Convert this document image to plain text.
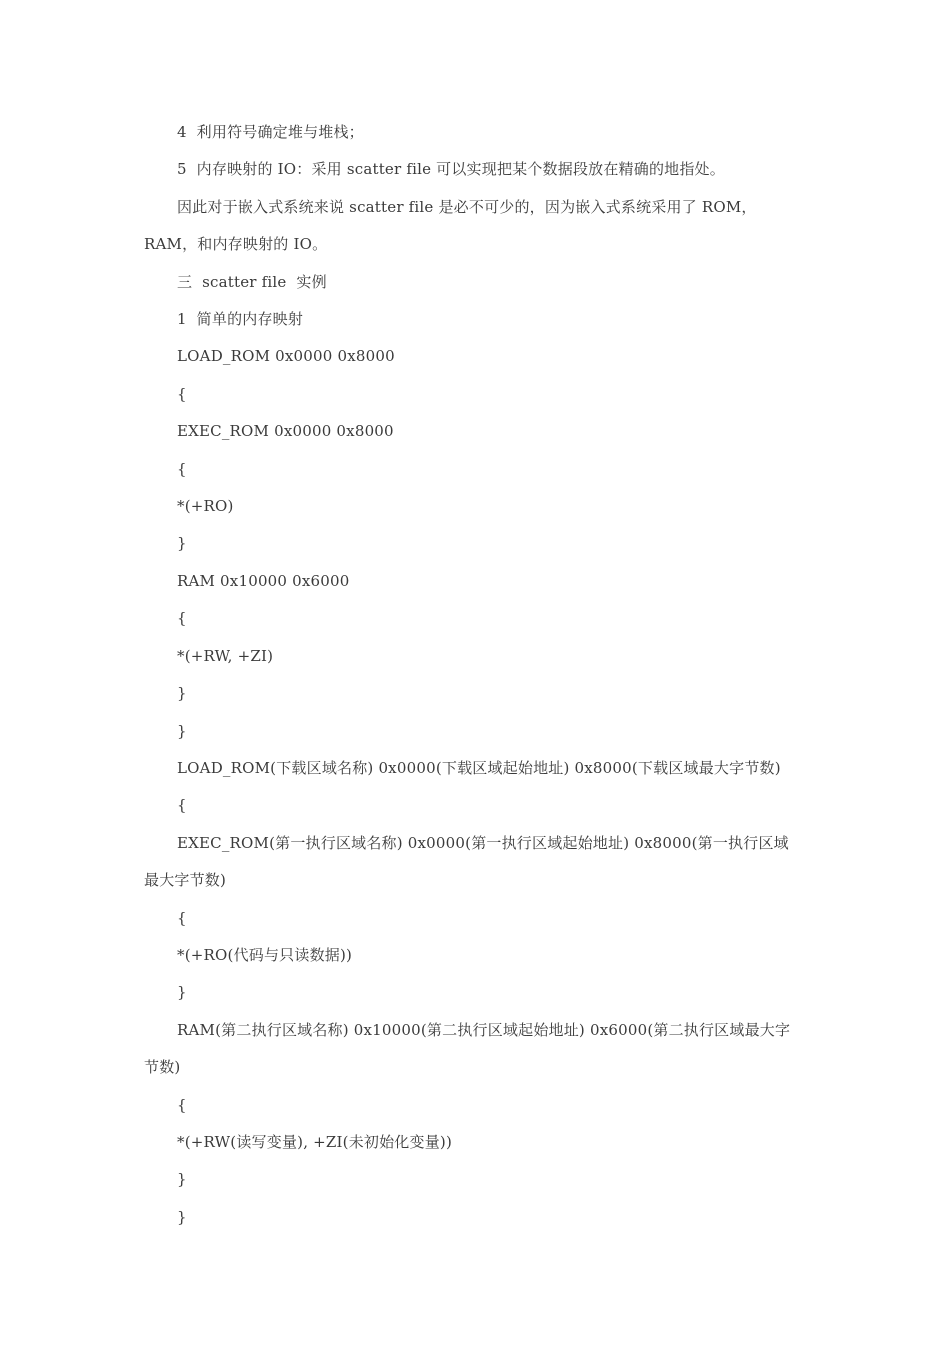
4  利用符号确定堆与堆栈；

5  内存映射的 IO：采用 scatter file 可以实现把某个数据段放在精确的地指处。

因此对于嵌入式系统来说 scatter file 是必不可少的，因为嵌入式系统采用了 ROM，RAM，和内存映射的 IO。

三  scatter file  实例

1  简单的内存映射

LOAD_ROM 0x0000 0x8000

{

EXEC_ROM 0x0000 0x8000

{

*(+RO)

}

RAM 0x10000 0x6000

{

*(+RW, +ZI)

}

}

LOAD_ROM(下载区域名称) 0x0000(下载区域起始地址) 0x8000(下载区域最大字节数)

{

EXEC_ROM(第一执行区域名称) 0x0000(第一执行区域起始地址) 0x8000(第一执行区域最大字节数)

{

*(+RO(代码与只读数据))

}

RAM(第二执行区域名称) 0x10000(第二执行区域起始地址) 0x6000(第二执行区域最大字节数)

{

*(+RW(读写变量), +ZI(未初始化变量))

}

}
